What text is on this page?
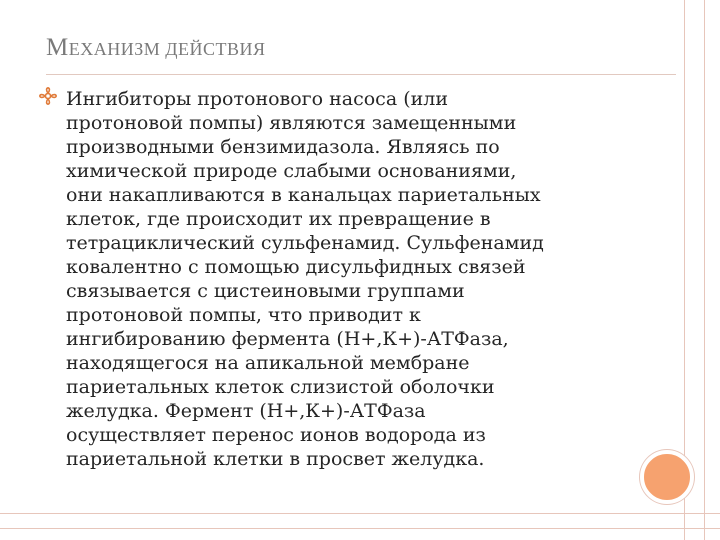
МЕХАНИЗМ ДЕЙСТВИЯ
Ингибиторы протонового насоса (или
протоновой помпы) являются замещенными
производными бензимидазола. Являясь по
химической природе слабыми основаниями,
они накапливаются в канальцах париетальных
клеток, где происходит их превращение в
тетрациклический сульфенамид. Сульфенамид
ковалентно с помощью дисульфидных связей
связывается с цистеиновыми группами
протоновой помпы, что приводит к
ингибированию фермента (Н+,К+)-АТФаза,
находящегося на апикальной мембране
париетальных клеток слизистой оболочки
желудка. Фермент (Н+,К+)-АТФаза
осуществляет перенос ионов водорода из
париетальной клетки в просвет желудка.
